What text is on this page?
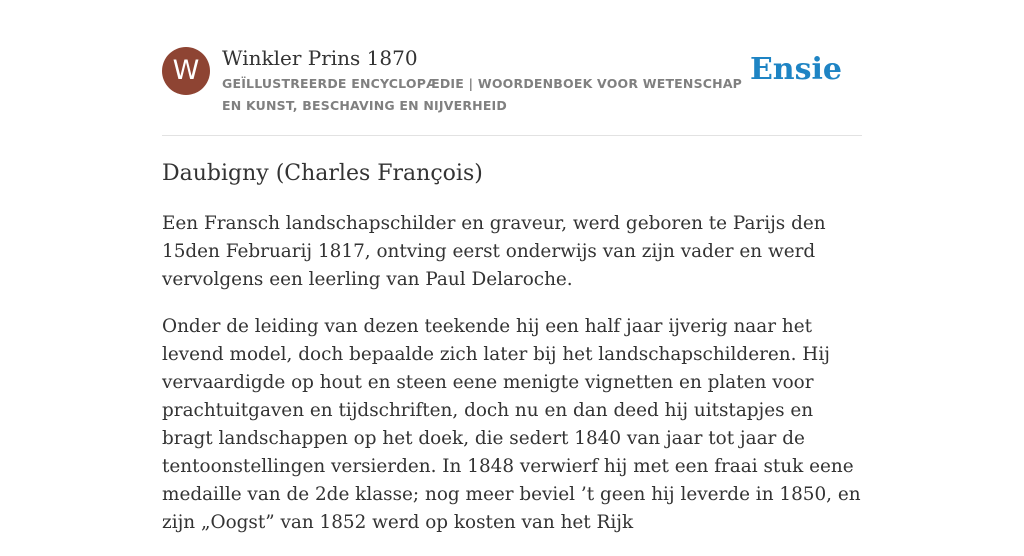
W	Winkler Prins 1870
GEÏLLUSTREERDE ENCYCLOPÆDIE | WOORDENBOEK VOOR WETENSCHAP EN KUNST, BESCHAVING EN NIJVERHEID
Ensie
Daubigny (Charles François)

Een Fransch landschapschilder en graveur, werd geboren te Parijs den 15den Februarij 1817, ontving eerst onderwijs van zijn vader en werd vervolgens een leerling van Paul Delaroche.

Onder de leiding van dezen teekende hij een half jaar ijverig naar het levend model, doch bepaalde zich later bij het landschapschilderen. Hij vervaardigde op hout en steen eene menigte vignetten en platen voor prachtuitgaven en tijdschriften, doch nu en dan deed hij uitstapjes en bragt landschappen op het doek, die sedert 1840 van jaar tot jaar de tentoonstellingen versierden. In 1848 verwierf hij met een fraai stuk eene medaille van de 2de klasse; nog meer beviel ’t geen hij leverde in 1850, en zijn „Oogst” van 1852 werd op kosten van het Rijk
